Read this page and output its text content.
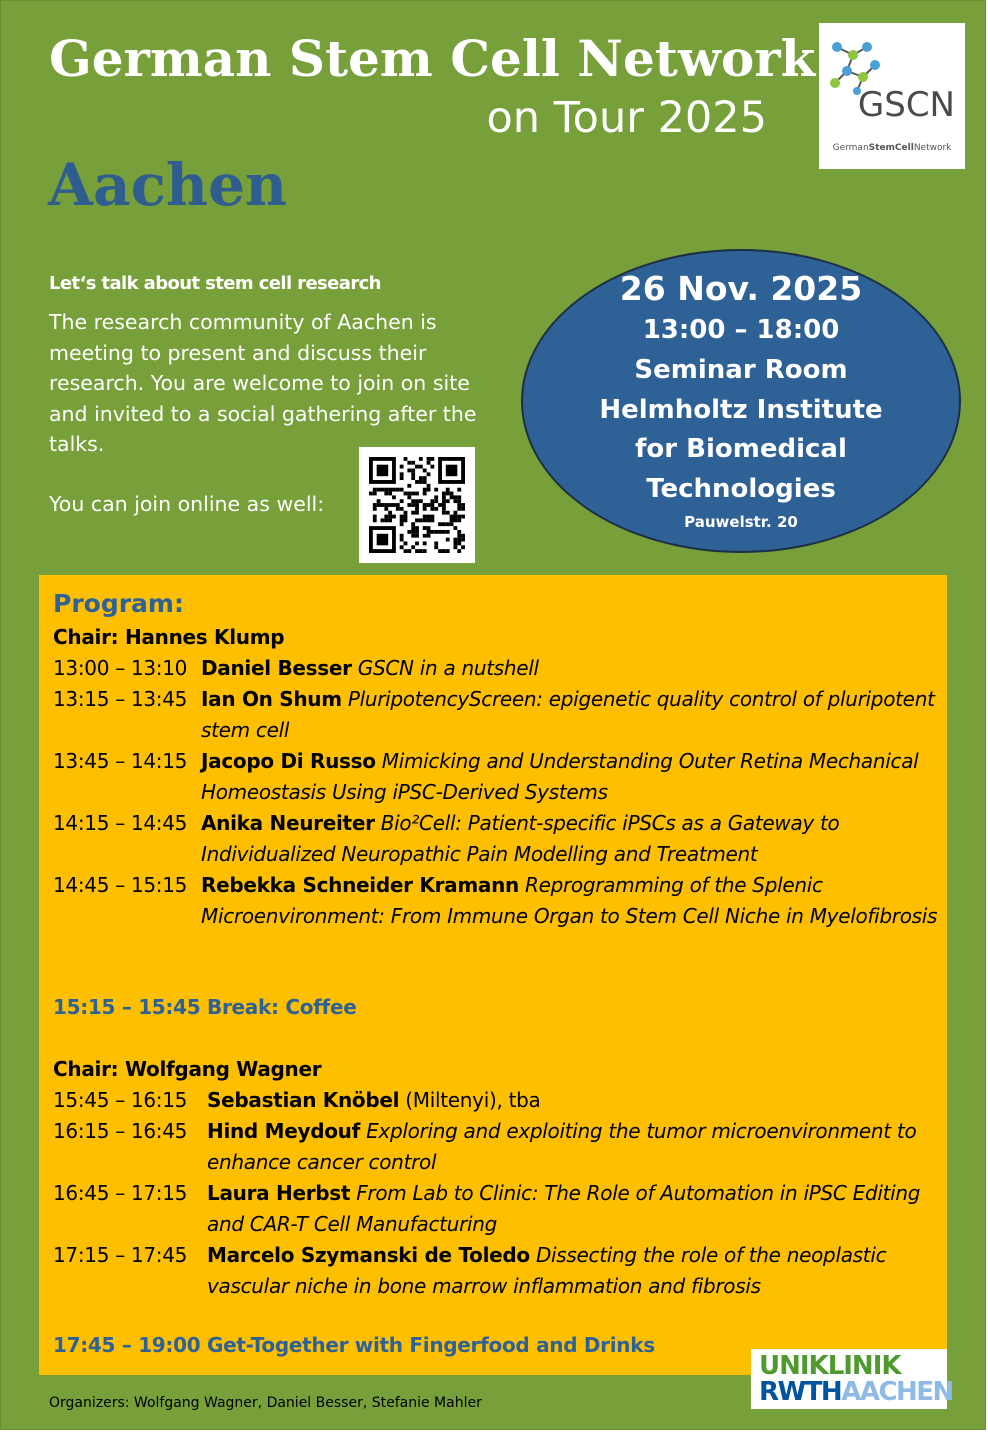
German Stem Cell Network
on Tour 2025
Aachen
GSCN
GermanStemCellNetwork
Let‘s talk about stem cell research
The research community of Aachen is meeting to present and discuss their research. You are welcome to join on site and invited to a social gathering after the talks.
You can join online as well:
26 Nov. 2025
13:00 – 18:00
Seminar Room
Helmholtz Institute
for Biomedical
Technologies
Pauwelstr. 20
Program:
Chair: Hannes Klump
13:00 – 13:10 Daniel Besser GSCN in a nutshell
13:15 – 13:45 Ian On Shum PluripotencyScreen: epigenetic quality control of pluripotent stem cell
13:45 – 14:15 Jacopo Di Russo Mimicking and Understanding Outer Retina Mechanical Homeostasis Using iPSC-Derived Systems
14:15 – 14:45 Anika Neureiter Bio²Cell: Patient-specific iPSCs as a Gateway to Individualized Neuropathic Pain Modelling and Treatment
14:45 – 15:15 Rebekka Schneider Kramann Reprogramming of the Splenic Microenvironment: From Immune Organ to Stem Cell Niche in Myelofibrosis
15:15 – 15:45 Break: Coffee
Chair: Wolfgang Wagner
15:45 – 16:15 Sebastian Knöbel (Miltenyi), tba
16:15 – 16:45 Hind Meydouf Exploring and exploiting the tumor microenvironment to enhance cancer control
16:45 – 17:15 Laura Herbst From Lab to Clinic: The Role of Automation in iPSC Editing and CAR-T Cell Manufacturing
17:15 – 17:45 Marcelo Szymanski de Toledo Dissecting the role of the neoplastic vascular niche in bone marrow inflammation and fibrosis
17:45 – 19:00 Get-Together with Fingerfood and Drinks
UNIKLINIK
RWTHAACHEN
Organizers: Wolfgang Wagner, Daniel Besser, Stefanie Mahler
